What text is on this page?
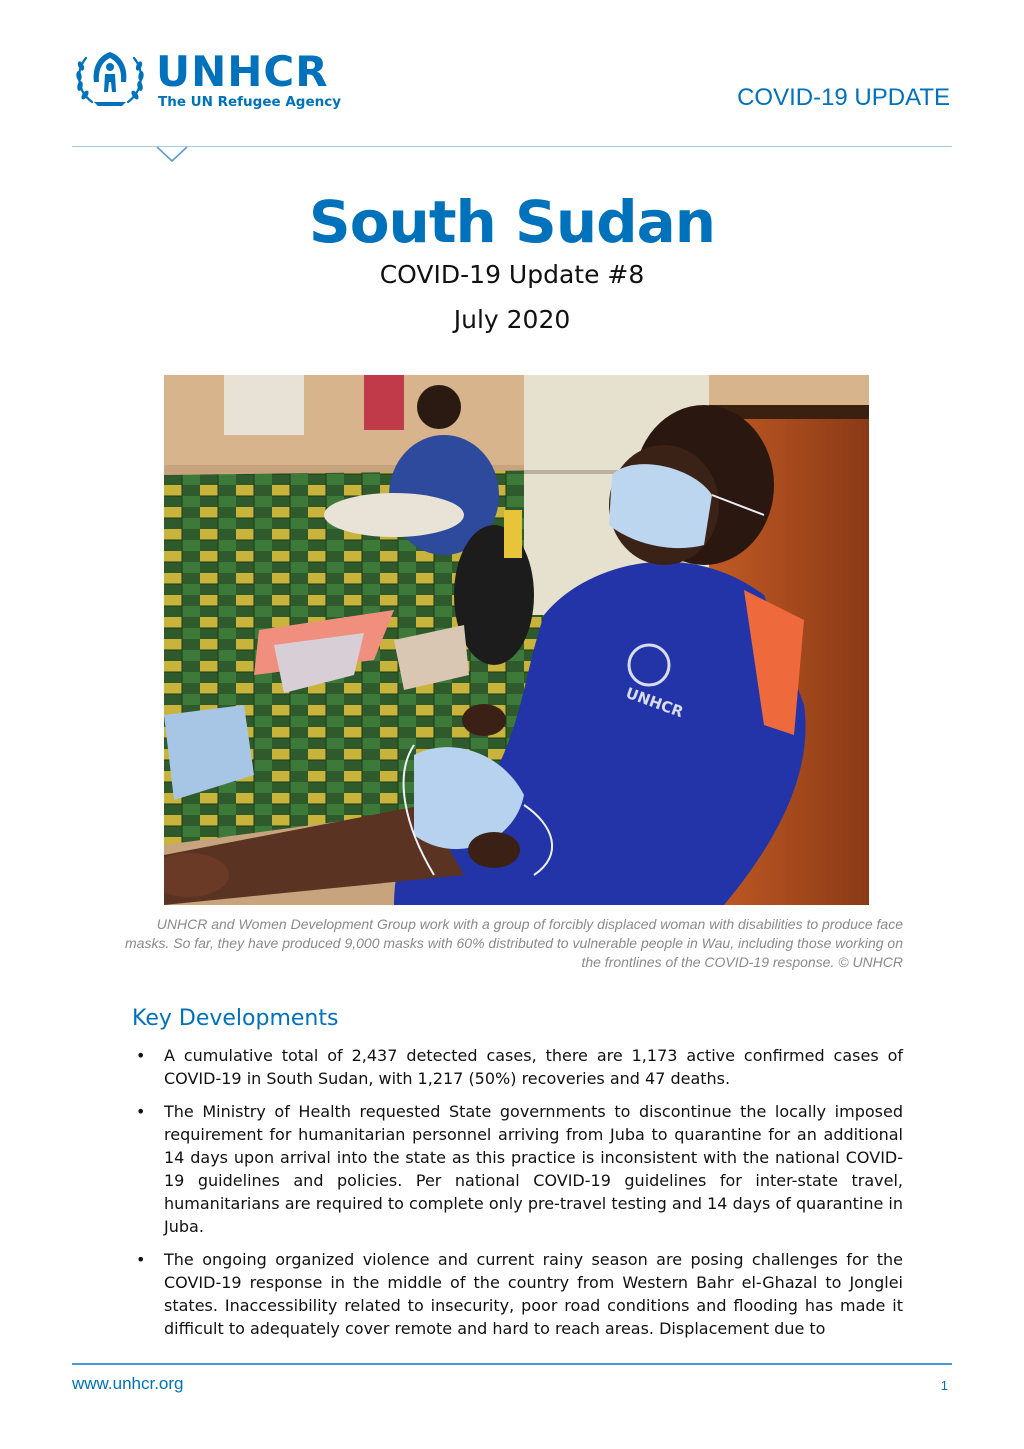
UNHCR
The UN Refugee Agency	COVID-19 UPDATE
South Sudan
COVID-19 Update #8
July 2020
UNHCR
UNHCR and Women Development Group work with a group of forcibly displaced woman with disabilities to produce face masks. So far, they have produced 9,000 masks with 60% distributed to vulnerable people in Wau, including those working on the frontlines of the COVID-19 response. © UNHCR
Key Developments
• A cumulative total of 2,437 detected cases, there are 1,173 active confirmed cases of COVID-19 in South Sudan, with 1,217 (50%) recoveries and 47 deaths.
• The Ministry of Health requested State governments to discontinue the locally imposed requirement for humanitarian personnel arriving from Juba to quarantine for an additional 14 days upon arrival into the state as this practice is inconsistent with the national COVID-19 guidelines and policies. Per national COVID-19 guidelines for inter-state travel, humanitarians are required to complete only pre-travel testing and 14 days of quarantine in Juba.
• The ongoing organized violence and current rainy season are posing challenges for the COVID-19 response in the middle of the country from Western Bahr el-Ghazal to Jonglei states. Inaccessibility related to insecurity, poor road conditions and flooding has made it difficult to adequately cover remote and hard to reach areas. Displacement due to
www.unhcr.org	1
